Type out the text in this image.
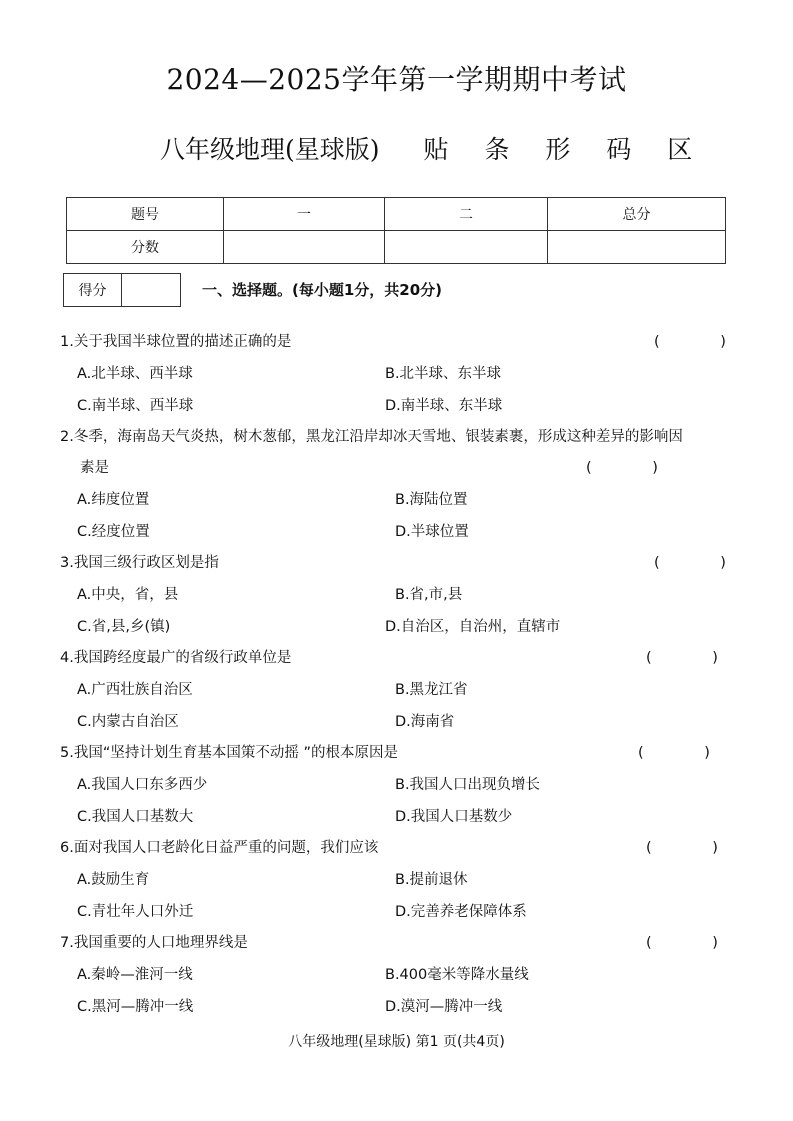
2024—2025学年第一学期期中考试
八年级地理(星球版) 贴 条 形 码 区
题号	一	二	总分
分数			
得分	一、选择题。(每小题1分，共20分)
1.关于我国半球位置的描述正确的是	( )
A.北半球、西半球	B.北半球、东半球
C.南半球、西半球	D.南半球、东半球
2.冬季，海南岛天气炎热，树木葱郁，黑龙江沿岸却冰天雪地、银装素裹，形成这种差异的影响因
素是	( )
A.纬度位置	B.海陆位置
C.经度位置	D.半球位置
3.我国三级行政区划是指	( )
A.中央，省，县	B.省,市,县
C.省,县,乡(镇)	D.自治区，自治州，直辖市
4.我国跨经度最广的省级行政单位是	( )
A.广西壮族自治区	B.黑龙江省
C.内蒙古自治区	D.海南省
5.我国“坚持计划生育基本国策不动摇 ”的根本原因是	( )
A.我国人口东多西少	B.我国人口出现负增长
C.我国人口基数大	D.我国人口基数少
6.面对我国人口老龄化日益严重的问题，我们应该	( )
A.鼓励生育	B.提前退休
C.青壮年人口外迁	D.完善养老保障体系
7.我国重要的人口地理界线是	( )
A.秦岭—淮河一线	B.400毫米等降水量线
C.黑河—腾冲一线	D.漠河—腾冲一线
八年级地理(星球版) 第1 页(共4页)
